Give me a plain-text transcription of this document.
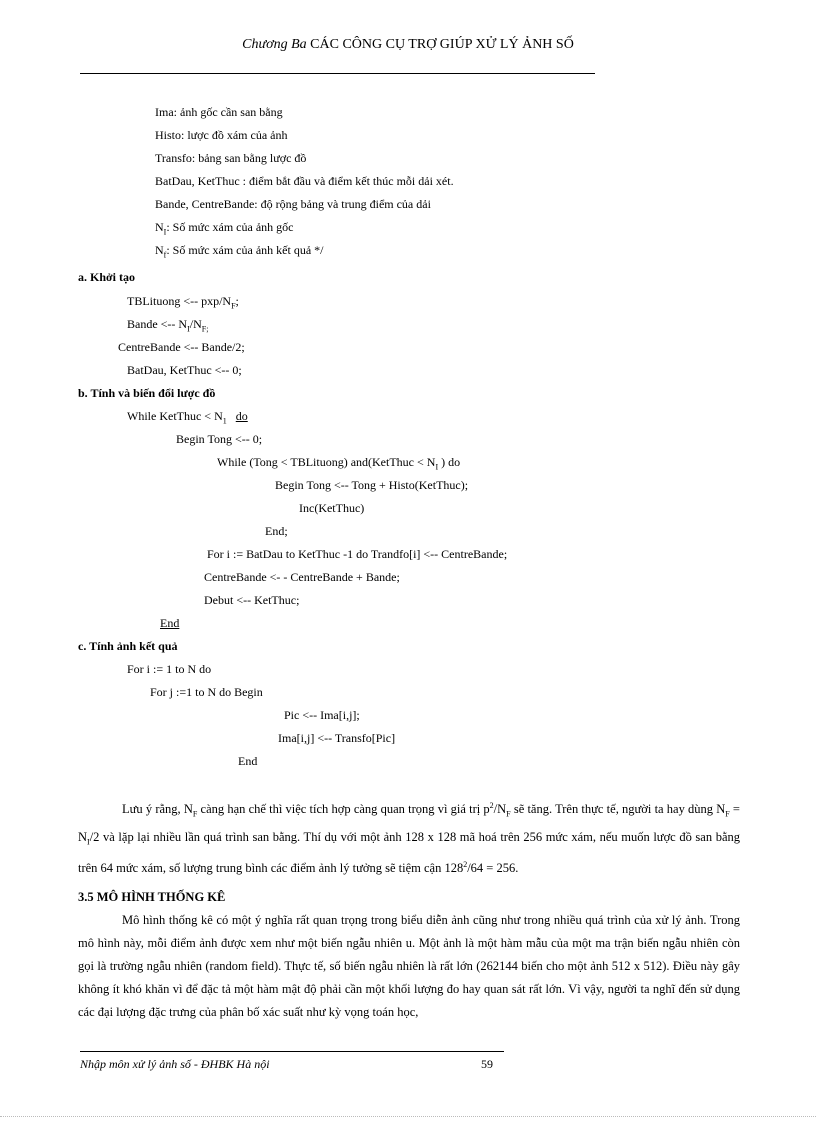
Chương Ba CÁC CÔNG CỤ TRỢ GIÚP XỬ LÝ ẢNH SỐ
Ima: ảnh gốc cần san bằng
Histo: lược đồ xám của ảnh
Transfo: bảng san bằng lược đồ
BatDau, KetThuc : điểm bắt đầu và điểm kết thúc mỗi dải xét.
Bande, CentreBande: độ rộng bảng và trung điểm của dải
$N_I$: Số mức xám của ảnh gốc
$N_f$: Số mức xám của ảnh kết quả */
a. Khởi tạo
TBLituong <-- pxp/$N_F$;
Bande <-- $N_I/N_{F;}$
CentreBande <-- Bande/2;
BatDau, KetThuc <-- 0;
b. Tính và biến đổi lược đồ
While KetThuc < $N_1$ do
Begin Tong <-- 0;
While (Tong < TBLituong) and(KetThuc < $N_I$ ) do
Begin Tong <-- Tong + Histo(KetThuc);
Inc(KetThuc)
End;
For i := BatDau to KetThuc -1 do Trandfo[i] <-- CentreBande;
CentreBande <- - CentreBande + Bande;
Debut <-- KetThuc;
End
c. Tính ảnh kết quả
For i := 1 to N do
For j :=1 to N do Begin
Pic <-- Ima[i,j];
Ima[i,j] <-- Transfo[Pic]
End

Lưu ý rằng, $N_F$ càng hạn chế thì việc tích hợp càng quan trọng vì giá trị $p^2/N_F$ sẽ tăng. Trên thực tế, người ta hay dùng $N_F = N_I/2$ và lặp lại nhiều lần quá trình san bằng. Thí dụ với một ảnh 128 x 128 mã hoá trên 256 mức xám, nếu muốn lược đồ san bằng trên 64 mức xám, số lượng trung bình các điểm ảnh lý tưởng sẽ tiệm cận $128^2/64 = 256$.

3.5 MÔ HÌNH THỐNG KÊ

Mô hình thống kê có một ý nghĩa rất quan trọng trong biểu diễn ảnh cũng như trong nhiều quá trình của xử lý ảnh. Trong mô hình này, mỗi điểm ảnh được xem như một biến ngẫu nhiên u. Một ảnh là một hàm mẫu của một ma trận biến ngẫu nhiên còn gọi là trường ngẫu nhiên (random field). Thực tế, số biến ngẫu nhiên là rất lớn (262144 biến cho một ảnh 512 x 512). Điều này gây không ít khó khăn vì để đặc tả một hàm mật độ phải cần một khối lượng đo hay quan sát rất lớn. Vì vậy, người ta nghĩ đến sử dụng các đại lượng đặc trưng của phân bố xác suất như kỳ vọng toán học,

Nhập môn xử lý ảnh số - ĐHBK Hà nội	59
